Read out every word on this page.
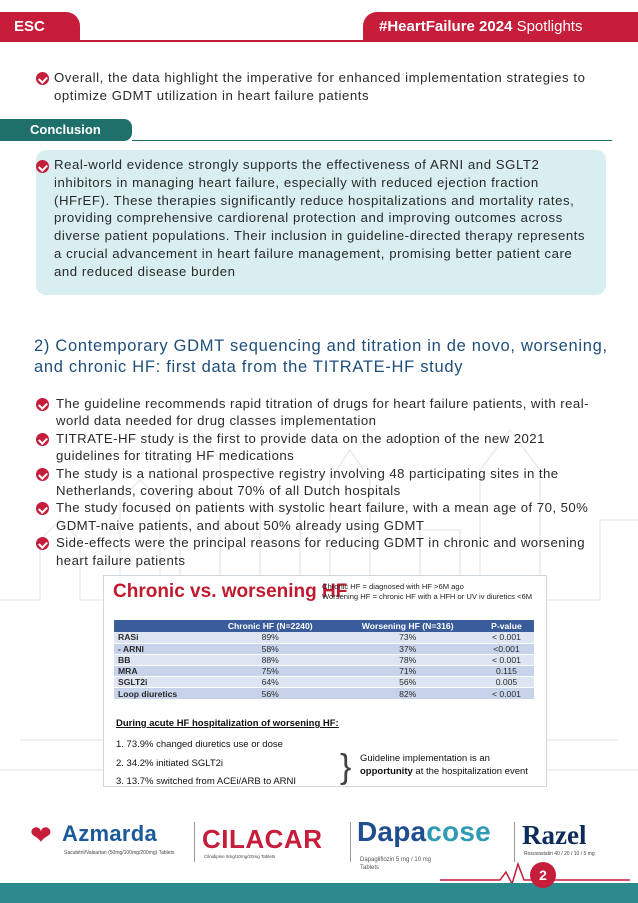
ESC	#HeartFailure 2024 Spotlights
Overall, the data highlight the imperative for enhanced implementation strategies to optimize GDMT utilization in heart failure patients
Conclusion
Real-world evidence strongly supports the effectiveness of ARNI and SGLT2 inhibitors in managing heart failure, especially with reduced ejection fraction (HFrEF). These therapies significantly reduce hospitalizations and mortality rates, providing comprehensive cardiorenal protection and improving outcomes across diverse patient populations. Their inclusion in guideline-directed therapy represents a crucial advancement in heart failure management, promising better patient care and reduced disease burden
2) Contemporary GDMT sequencing and titration in de novo, worsening, and chronic HF: first data from the TITRATE-HF study
The guideline recommends rapid titration of drugs for heart failure patients, with real-world data needed for drug classes implementation
TITRATE-HF study is the first to provide data on the adoption of the new 2021 guidelines for titrating HF medications
The study is a national prospective registry involving 48 participating sites in the Netherlands, covering about 70% of all Dutch hospitals
The study focused on patients with systolic heart failure, with a mean age of 70, 50% GDMT-naive patients, and about 50% already using GDMT
Side-effects were the principal reasons for reducing GDMT in chronic and worsening heart failure patients
Chronic vs. worsening HF
Chronic HF = diagnosed with HF >6M ago
Worsening HF = chronic HF with a HFH or UV iv diuretics <6M
	Chronic HF (N=2240)	Worsening HF (N=316)	P-value
RASi	89%	73%	< 0.001
- ARNI	58%	37%	<0.001
BB	88%	78%	< 0.001
MRA	75%	71%	0.115
SGLT2i	64%	56%	0.005
Loop diuretics	56%	82%	< 0.001
During acute HF hospitalization of worsening HF:
1. 73.9% changed diuretics use or dose
2. 34.2% initiated SGLT2i
3. 13.7% switched from ACEi/ARB to ARNI } Guideline implementation is an
opportunity at the hospitalization event
❤ Azmarda
Sacubitril/Valsartan (50mg/100mg/200mg) Tablets CILACAR
Cilnidipine 5mg/10mg/20mg Tablets
Dapacose
Dapagliflozin 5 mg / 10 mg
Tablets
Razel
Rosuvastatin 40 / 20 / 10 / 5 mg
2
